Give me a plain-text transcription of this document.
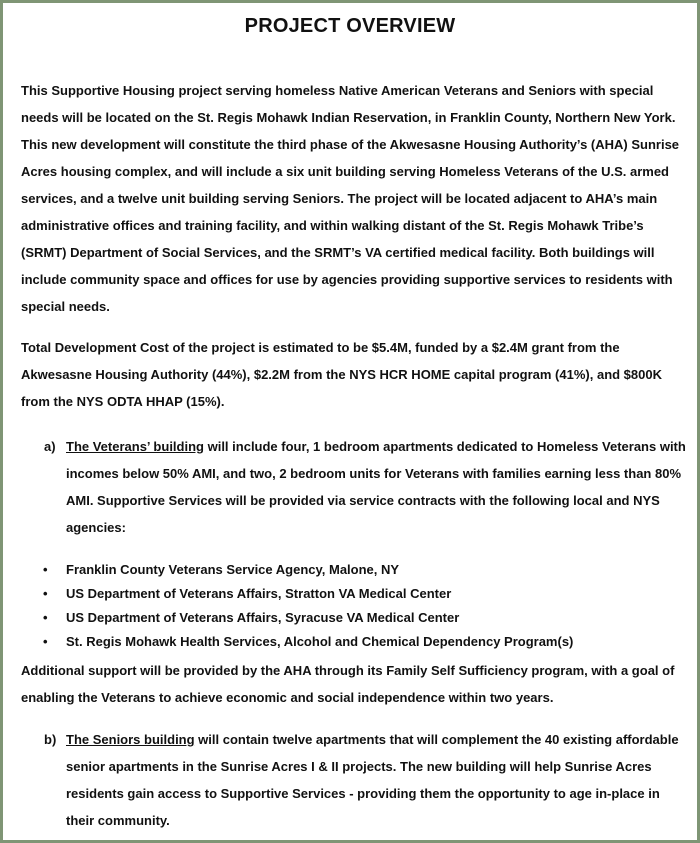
PROJECT OVERVIEW
This Supportive Housing project serving homeless Native American Veterans and Seniors with special needs will be located on the St. Regis Mohawk Indian Reservation, in Franklin County, Northern New York. This new development will constitute the third phase of the Akwesasne Housing Authority’s (AHA) Sunrise Acres housing complex, and will include a six unit building serving Homeless Veterans of the U.S. armed services, and a twelve unit building serving Seniors. The project will be located adjacent to AHA’s main administrative offices and training facility, and within walking distant of the St. Regis Mohawk Tribe’s (SRMT) Department of Social Services, and the SRMT’s VA certified medical facility. Both buildings will include community space and offices for use by agencies providing supportive services to residents with special needs.
Total Development Cost of the project is estimated to be $5.4M, funded by a $2.4M grant from the Akwesasne Housing Authority (44%), $2.2M from the NYS HCR HOME capital program (41%), and $800K from the NYS ODTA HHAP (15%).
a) The Veterans’ building will include four, 1 bedroom apartments dedicated to Homeless Veterans with incomes below 50% AMI, and two, 2 bedroom units for Veterans with families earning less than 80% AMI. Supportive Services will be provided via service contracts with the following local and NYS agencies:
• Franklin County Veterans Service Agency, Malone, NY
• US Department of Veterans Affairs, Stratton VA Medical Center
• US Department of Veterans Affairs, Syracuse VA Medical Center
• St. Regis Mohawk Health Services, Alcohol and Chemical Dependency Program(s)
Additional support will be provided by the AHA through its Family Self Sufficiency program, with a goal of enabling the Veterans to achieve economic and social independence within two years.
b) The Seniors building will contain twelve apartments that will complement the 40 existing affordable senior apartments in the Sunrise Acres I & II projects. The new building will help Sunrise Acres residents gain access to Supportive Services - providing them the opportunity to age in-place in their community.
